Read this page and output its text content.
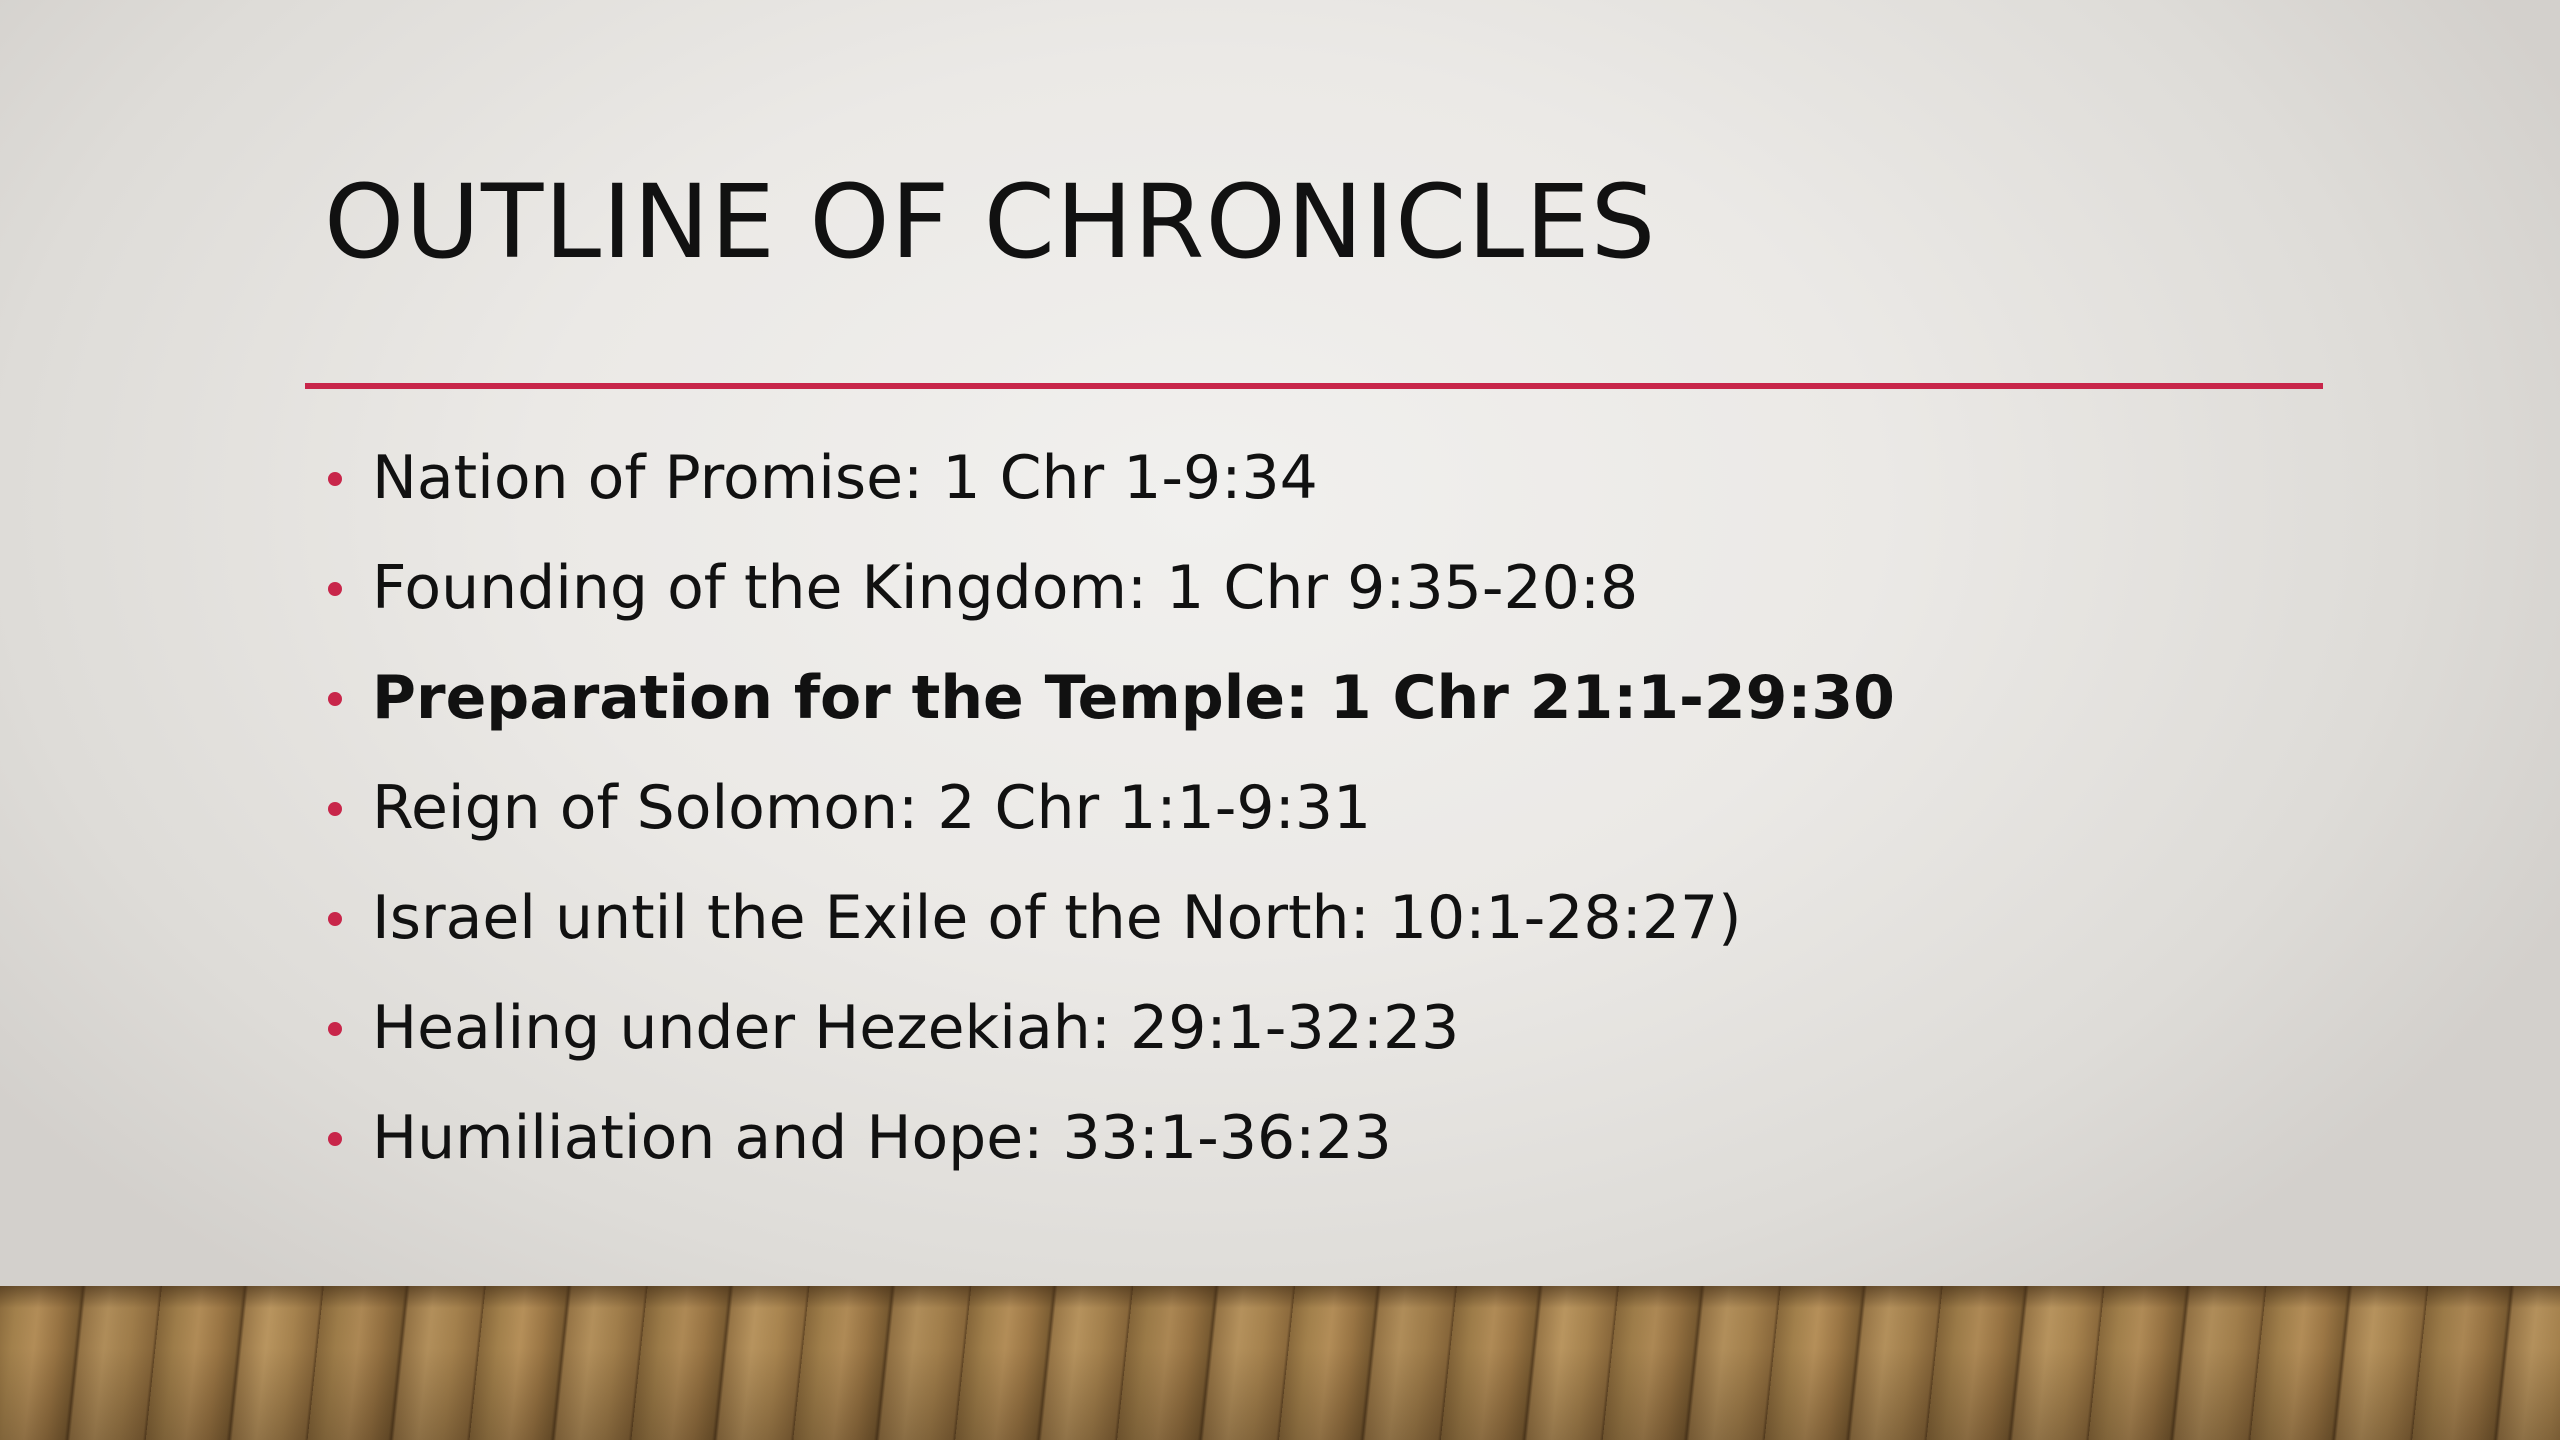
OUTLINE OF CHRONICLES
Nation of Promise: 1 Chr 1-9:34
Founding of the Kingdom: 1 Chr 9:35-20:8
Preparation for the Temple: 1 Chr 21:1-29:30
Reign of Solomon: 2 Chr 1:1-9:31
Israel until the Exile of the North: 10:1-28:27)
Healing under Hezekiah: 29:1-32:23
Humiliation and Hope: 33:1-36:23
